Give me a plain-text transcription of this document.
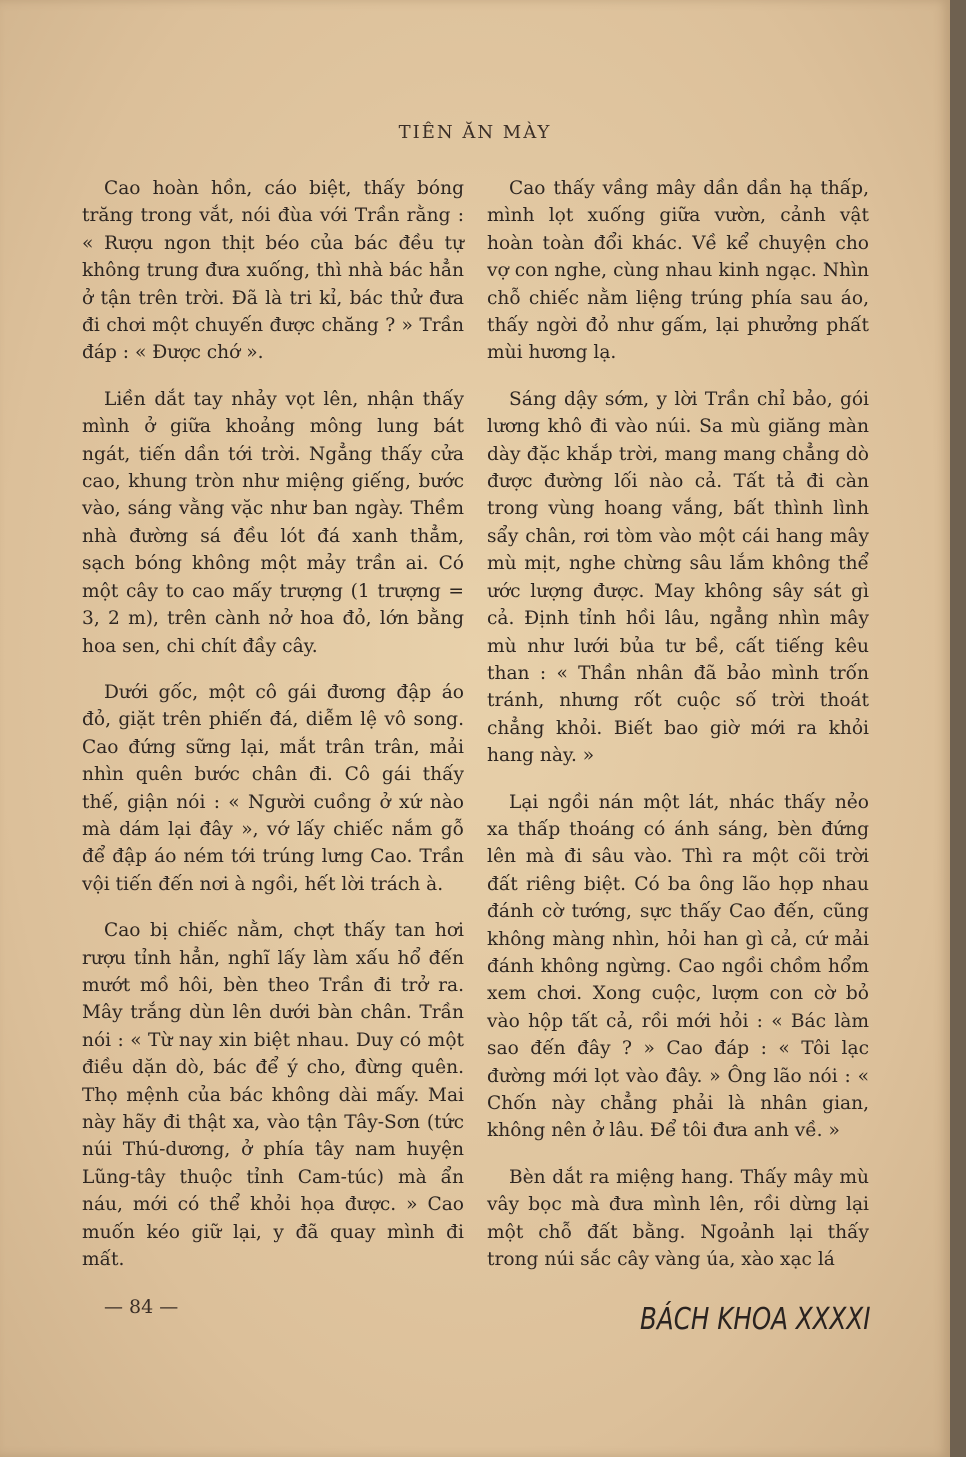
TIÊN ĂN MÀY

Cao hoàn hồn, cáo biệt, thấy bóng trăng trong vắt, nói đùa với Trần rằng : « Rượu ngon thịt béo của bác đều tự không trung đưa xuống, thì nhà bác hẳn ở tận trên trời. Đã là tri kỉ, bác thử đưa đi chơi một chuyến được chăng ? » Trần đáp : « Được chớ ».

Liền dắt tay nhảy vọt lên, nhận thấy mình ở giữa khoảng mông lung bát ngát, tiến dần tới trời. Ngẳng thấy cửa cao, khung tròn như miệng giếng, bước vào, sáng vằng vặc như ban ngày. Thềm nhà đường sá đều lót đá xanh thẳm, sạch bóng không một mảy trần ai. Có một cây to cao mấy trượng (1 trượng = 3, 2 m), trên cành nở hoa đỏ, lớn bằng hoa sen, chi chít đầy cây.

Dưới gốc, một cô gái đương đập áo đỏ, giặt trên phiến đá, diễm lệ vô song. Cao đứng sững lại, mắt trân trân, mải nhìn quên bước chân đi. Cô gái thấy thế, giận nói : « Người cuồng ở xứ nào mà dám lại đây », vớ lấy chiếc nắm gỗ để đập áo ném tới trúng lưng Cao. Trần vội tiến đến nơi à ngồi, hết lời trách à.

Cao bị chiếc nằm, chợt thấy tan hơi rượu tỉnh hẳn, nghĩ lấy làm xấu hổ đến mướt mồ hôi, bèn theo Trần đi trở ra. Mây trắng dùn lên dưới bàn chân. Trần nói : « Từ nay xin biệt nhau. Duy có một điều dặn dò, bác để ý cho, đừng quên. Thọ mệnh của bác không dài mấy. Mai này hãy đi thật xa, vào tận Tây-Sơn (tức núi Thú-dương, ở phía tây nam huyện Lũng-tây thuộc tỉnh Cam-túc) mà ẩn náu, mới có thể khỏi họa được. » Cao muốn kéo giữ lại, y đã quay mình đi mất.

Cao thấy vầng mây dần dần hạ thấp, mình lọt xuống giữa vườn, cảnh vật hoàn toàn đổi khác. Về kể chuyện cho vợ con nghe, cùng nhau kinh ngạc. Nhìn chỗ chiếc nằm liệng trúng phía sau áo, thấy ngời đỏ như gấm, lại phưởng phất mùi hương lạ.

Sáng dậy sớm, y lời Trần chỉ bảo, gói lương khô đi vào núi. Sa mù giăng màn dày đặc khắp trời, mang mang chẳng dò được đường lối nào cả. Tất tả đi càn trong vùng hoang vắng, bất thình lình sẩy chân, rơi tòm vào một cái hang mây mù mịt, nghe chừng sâu lắm không thể ước lượng được. May không sây sát gì cả. Định tỉnh hồi lâu, ngẳng nhìn mây mù như lưới bủa tư bề, cất tiếng kêu than : « Thần nhân đã bảo mình trốn tránh, nhưng rốt cuộc số trời thoát chẳng khỏi. Biết bao giờ mới ra khỏi hang này. »

Lại ngồi nán một lát, nhác thấy nẻo xa thấp thoáng có ánh sáng, bèn đứng lên mà đi sâu vào. Thì ra một cõi trời đất riêng biệt. Có ba ông lão họp nhau đánh cờ tướng, sực thấy Cao đến, cũng không màng nhìn, hỏi han gì cả, cứ mải đánh không ngừng. Cao ngồi chồm hổm xem chơi. Xong cuộc, lượm con cờ bỏ vào hộp tất cả, rồi mới hỏi : « Bác làm sao đến đây ? » Cao đáp : « Tôi lạc đường mới lọt vào đây. » Ông lão nói : « Chốn này chẳng phải là nhân gian, không nên ở lâu. Để tôi đưa anh về. »

Bèn dắt ra miệng hang. Thấy mây mù vây bọc mà đưa mình lên, rồi dừng lại một chỗ đất bằng. Ngoảnh lại thấy trong núi sắc cây vàng úa, xào xạc lá

— 84 —	BÁCH KHOA XXXXI
